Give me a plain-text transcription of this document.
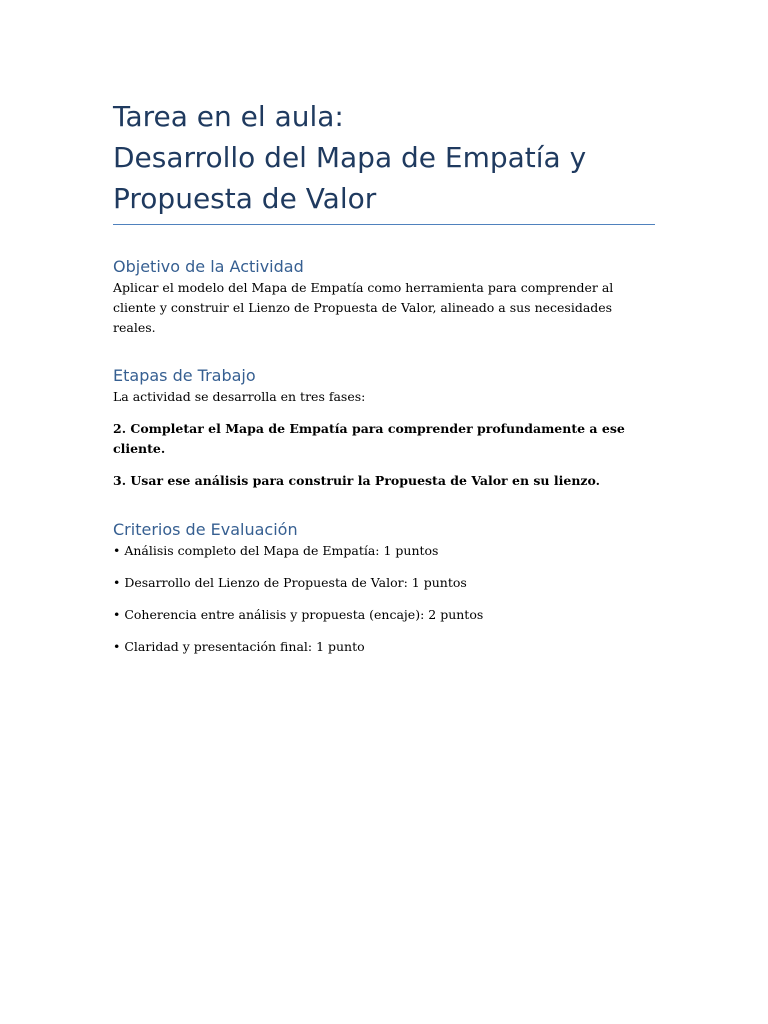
Tarea en el aula:
Desarrollo del Mapa de Empatía y
Propuesta de Valor
Objetivo de la Actividad
Aplicar el modelo del Mapa de Empatía como herramienta para comprender al cliente y construir el Lienzo de Propuesta de Valor, alineado a sus necesidades reales.
Etapas de Trabajo
La actividad se desarrolla en tres fases:
2. Completar el Mapa de Empatía para comprender profundamente a ese cliente.
3. Usar ese análisis para construir la Propuesta de Valor en su lienzo.
Criterios de Evaluación
• Análisis completo del Mapa de Empatía: 1 puntos
• Desarrollo del Lienzo de Propuesta de Valor: 1 puntos
• Coherencia entre análisis y propuesta (encaje): 2 puntos
• Claridad y presentación final: 1 punto
